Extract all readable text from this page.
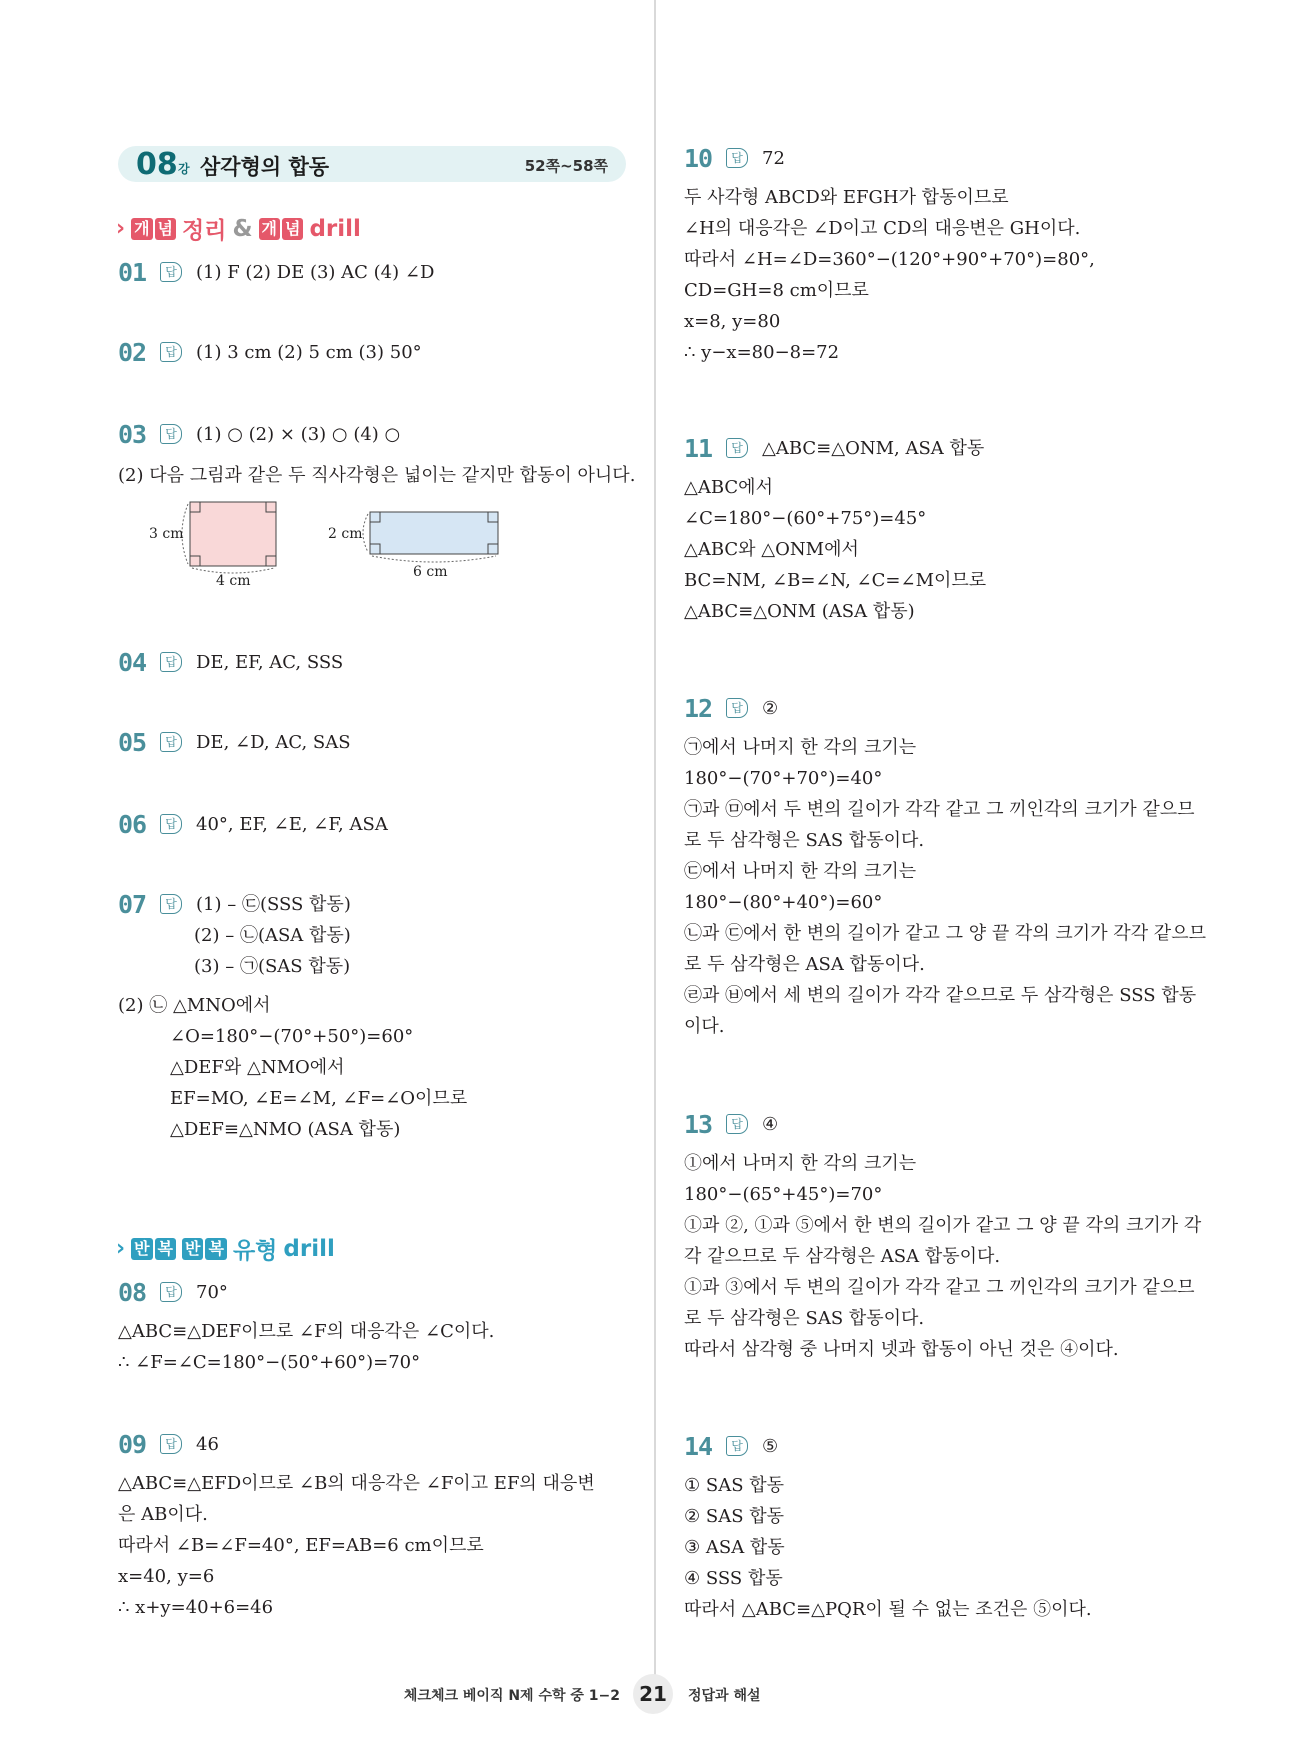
08 강 삼각형의 합동	52쪽~58쪽
› 개 념 정리 & 개 념 drill
01	답 (1) F (2) DE (3) AC (4) ∠D
02	답 (1) 3 cm (2) 5 cm (3) 50°
03	답 (1) ○ (2) × (3) ○ (4) ○
(2) 다음 그림과 같은 두 직사각형은 넓이는 같지만 합동이 아니다.
3 cm
4 cm
2 cm
6 cm
04	답 DE, EF, AC, SSS
05	답 DE, ∠D, AC, SAS
06	답 40°, EF, ∠E, ∠F, ASA
07	답 (1) – ㉢(SSS 합동)
(2) – ㉡(ASA 합동)
(3) – ㉠(SAS 합동)
(2) ㉡ △MNO에서
∠O=180°−(70°+50°)=60°
△DEF와 △NMO에서
EF=MO, ∠E=∠M, ∠F=∠O이므로
△DEF≡△NMO (ASA 합동)
› 반 복 반 복 유형 drill
08	답 70°
△ABC≡△DEF이므로 ∠F의 대응각은 ∠C이다.
∴ ∠F=∠C=180°−(50°+60°)=70°
09	답 46
△ABC≡△EFD이므로 ∠B의 대응각은 ∠F이고 EF의 대응변
은 AB이다.
따라서 ∠B=∠F=40°, EF=AB=6 cm이므로
x=40, y=6
∴ x+y=40+6=46
10	답 72
두 사각형 ABCD와 EFGH가 합동이므로
∠H의 대응각은 ∠D이고 CD의 대응변은 GH이다.
따라서 ∠H=∠D=360°−(120°+90°+70°)=80°,
CD=GH=8 cm이므로
x=8, y=80
∴ y−x=80−8=72
11	답 △ABC≡△ONM, ASA 합동
△ABC에서
∠C=180°−(60°+75°)=45°
△ABC와 △ONM에서
BC=NM, ∠B=∠N, ∠C=∠M이므로
△ABC≡△ONM (ASA 합동)
12	답 ②
㉠에서 나머지 한 각의 크기는
180°−(70°+70°)=40°
㉠과 ㉤에서 두 변의 길이가 각각 같고 그 끼인각의 크기가 같으므
로 두 삼각형은 SAS 합동이다.
㉢에서 나머지 한 각의 크기는
180°−(80°+40°)=60°
㉡과 ㉢에서 한 변의 길이가 같고 그 양 끝 각의 크기가 각각 같으므
로 두 삼각형은 ASA 합동이다.
㉣과 ㉥에서 세 변의 길이가 각각 같으므로 두 삼각형은 SSS 합동
이다.
13	답 ④
①에서 나머지 한 각의 크기는
180°−(65°+45°)=70°
①과 ②, ①과 ⑤에서 한 변의 길이가 같고 그 양 끝 각의 크기가 각
각 같으므로 두 삼각형은 ASA 합동이다.
①과 ③에서 두 변의 길이가 각각 같고 그 끼인각의 크기가 같으므
로 두 삼각형은 SAS 합동이다.
따라서 삼각형 중 나머지 넷과 합동이 아닌 것은 ④이다.
14	답 ⑤
① SAS 합동
② SAS 합동
③ ASA 합동
④ SSS 합동
따라서 △ABC≡△PQR이 될 수 없는 조건은 ⑤이다.
체크체크 베이직 N제 수학 중 1−2 21	정답과 해설
